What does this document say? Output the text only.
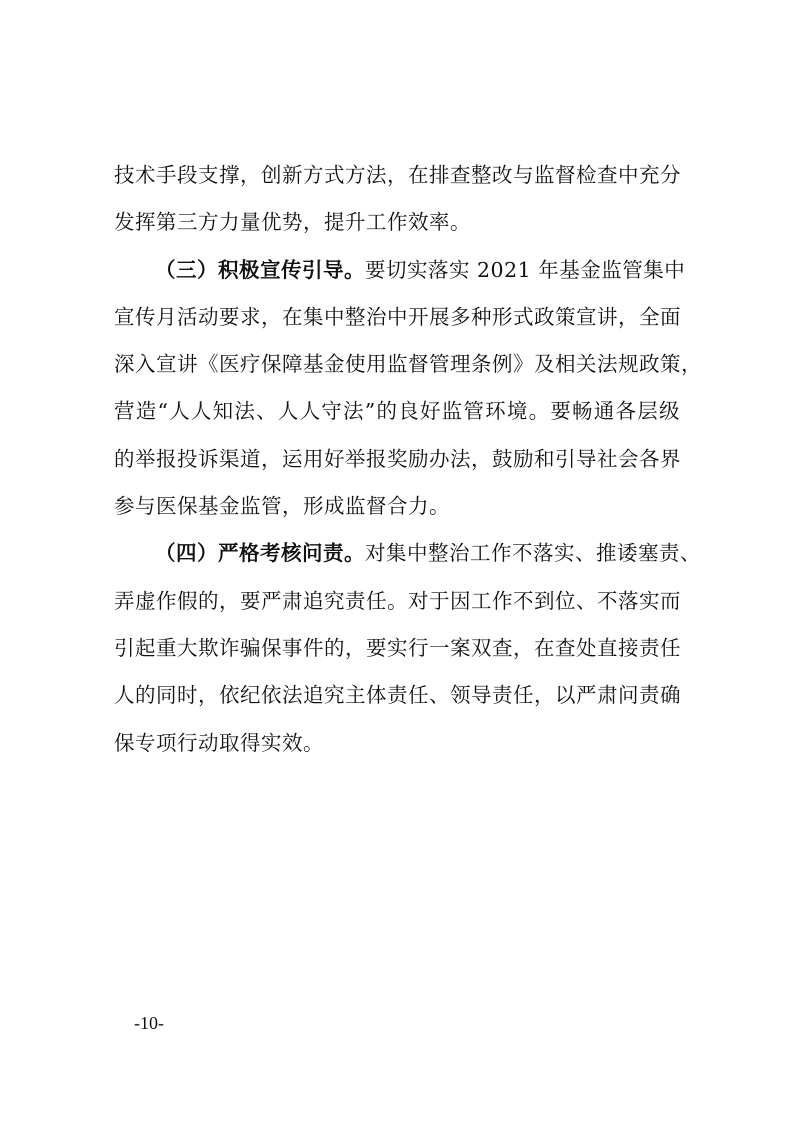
技术手段支撑，创新方式方法，在排查整改与监督检查中充分
发挥第三方力量优势，提升工作效率。
（三）积极宣传引导。要切实落实 2021 年基金监管集中
宣传月活动要求，在集中整治中开展多种形式政策宣讲，全面
深入宣讲《医疗保障基金使用监督管理条例》及相关法规政策，
营造“人人知法、人人守法”的良好监管环境。要畅通各层级
的举报投诉渠道，运用好举报奖励办法，鼓励和引导社会各界
参与医保基金监管，形成监督合力。
（四）严格考核问责。对集中整治工作不落实、推诿塞责、
弄虚作假的，要严肃追究责任。对于因工作不到位、不落实而
引起重大欺诈骗保事件的，要实行一案双查，在查处直接责任
人的同时，依纪依法追究主体责任、领导责任，以严肃问责确
保专项行动取得实效。
-10-
